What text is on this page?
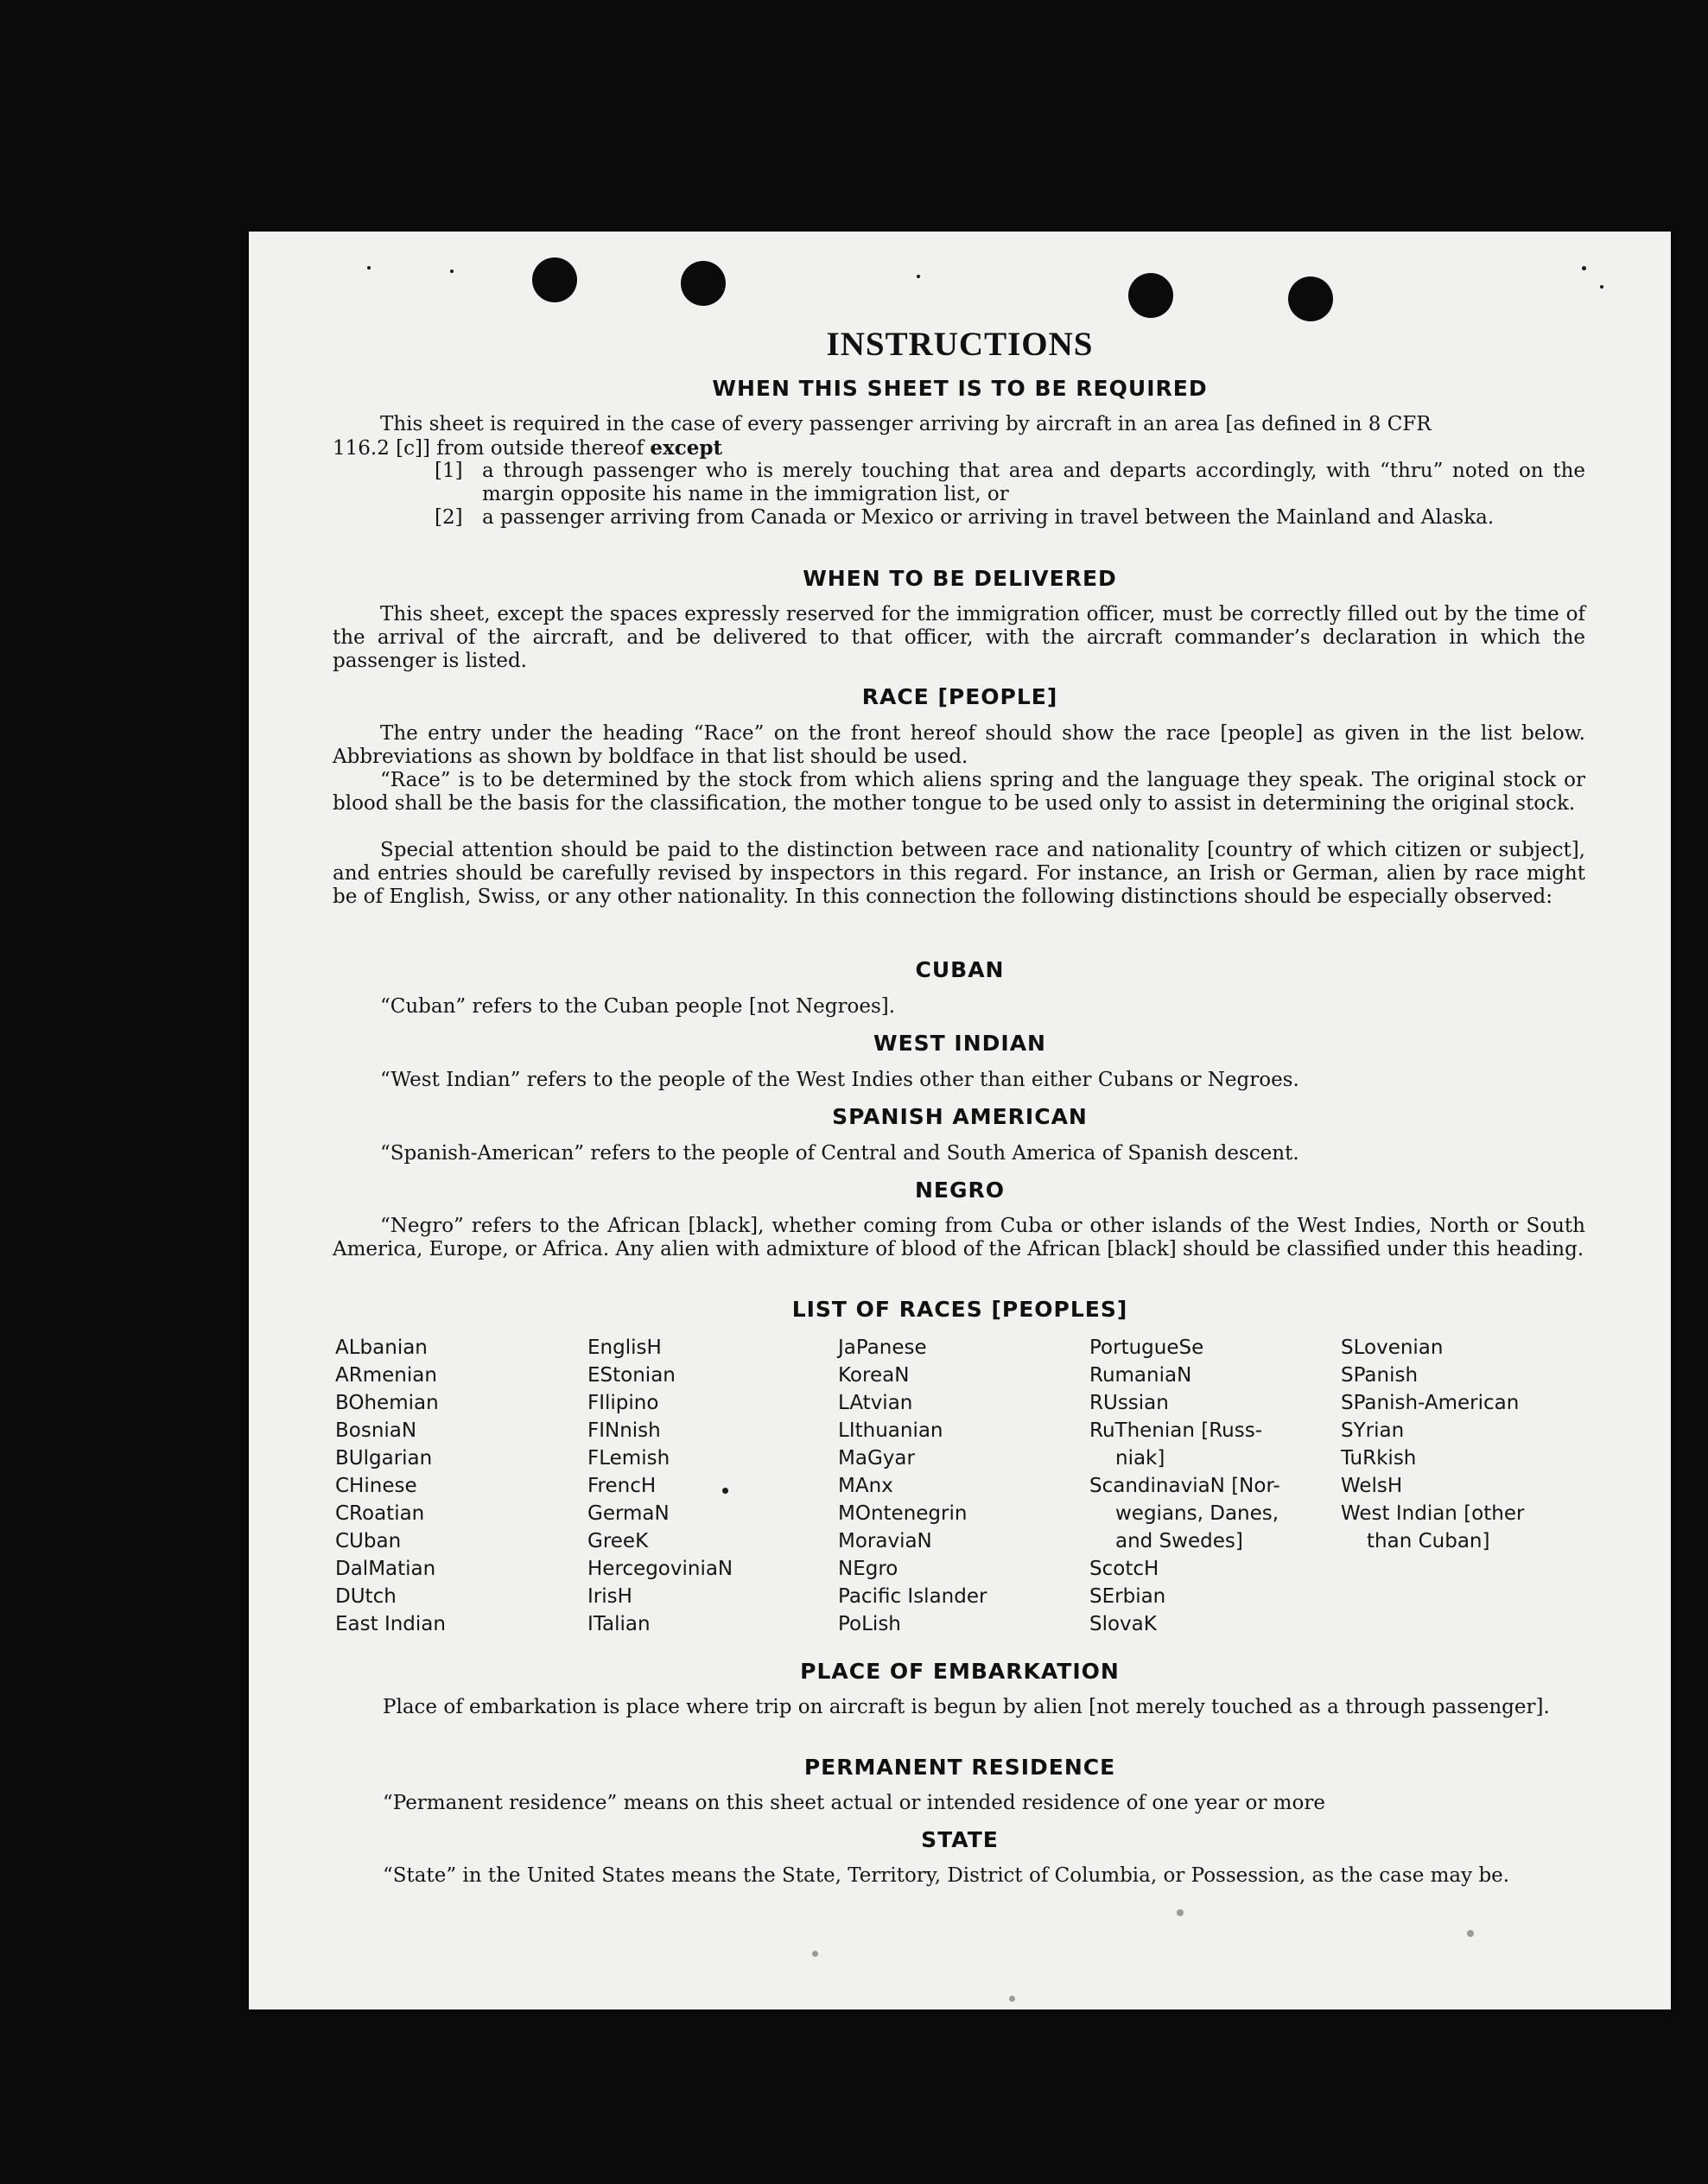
INSTRUCTIONS
WHEN THIS SHEET IS TO BE REQUIRED
This sheet is required in the case of every passenger arriving by aircraft in an area [as defined in 8 CFR
116.2 [c]] from outside thereof except
[1] a through passenger who is merely touching that area and departs accordingly, with “thru” noted on the margin opposite his name in the immigration list, or
[2] a passenger arriving from Canada or Mexico or arriving in travel between the Mainland and Alaska.
WHEN TO BE DELIVERED
This sheet, except the spaces expressly reserved for the immigration officer, must be correctly filled out by the time of the arrival of the aircraft, and be delivered to that officer, with the aircraft commander’s declaration in which the passenger is listed.
RACE [PEOPLE]
The entry under the heading “Race” on the front hereof should show the race [people] as given in the list below. Abbreviations as shown by boldface in that list should be used.
“Race” is to be determined by the stock from which aliens spring and the language they speak. The original stock or blood shall be the basis for the classification, the mother tongue to be used only to assist in determining the original stock.
Special attention should be paid to the distinction between race and nationality [country of which citizen or subject], and entries should be carefully revised by inspectors in this regard. For instance, an Irish or German, alien by race might be of English, Swiss, or any other nationality. In this connection the following distinctions should be especially observed:
CUBAN
“Cuban” refers to the Cuban people [not Negroes].
WEST INDIAN
“West Indian” refers to the people of the West Indies other than either Cubans or Negroes.
SPANISH AMERICAN
“Spanish-American” refers to the people of Central and South America of Spanish descent.
NEGRO
“Negro” refers to the African [black], whether coming from Cuba or other islands of the West Indies, North or South America, Europe, or Africa. Any alien with admixture of blood of the African [black] should be classified under this heading.
LIST OF RACES [PEOPLES]
ALbanian
ARmenian
BOhemian
BosniaN
BUlgarian
CHinese
CRoatian
CUban
DalMatian
DUtch
East Indian
EnglisH
EStonian
FIlipino
FINnish
FLemish
FrencH
GermaN
GreeK
HercegoviniaN
IrisH
ITalian
JaPanese
KoreaN
LAtvian
LIthuanian
MaGyar
MAnx
MOntenegrin
MoraviaN
NEgro
Pacific Islander
PoLish
PortugueSe
RumaniaN
RUssian
RuThenian [Russ-
niak]
ScandinaviaN [Nor-
wegians, Danes,
and Swedes]
ScotcH
SErbian
SlovaK
SLovenian
SPanish
SPanish-American
SYrian
TuRkish
WelsH
West Indian [other
than Cuban]
PLACE OF EMBARKATION
Place of embarkation is place where trip on aircraft is begun by alien [not merely touched as a through passenger].
PERMANENT RESIDENCE
“Permanent residence” means on this sheet actual or intended residence of one year or more
STATE
“State” in the United States means the State, Territory, District of Columbia, or Possession, as the case may be.
